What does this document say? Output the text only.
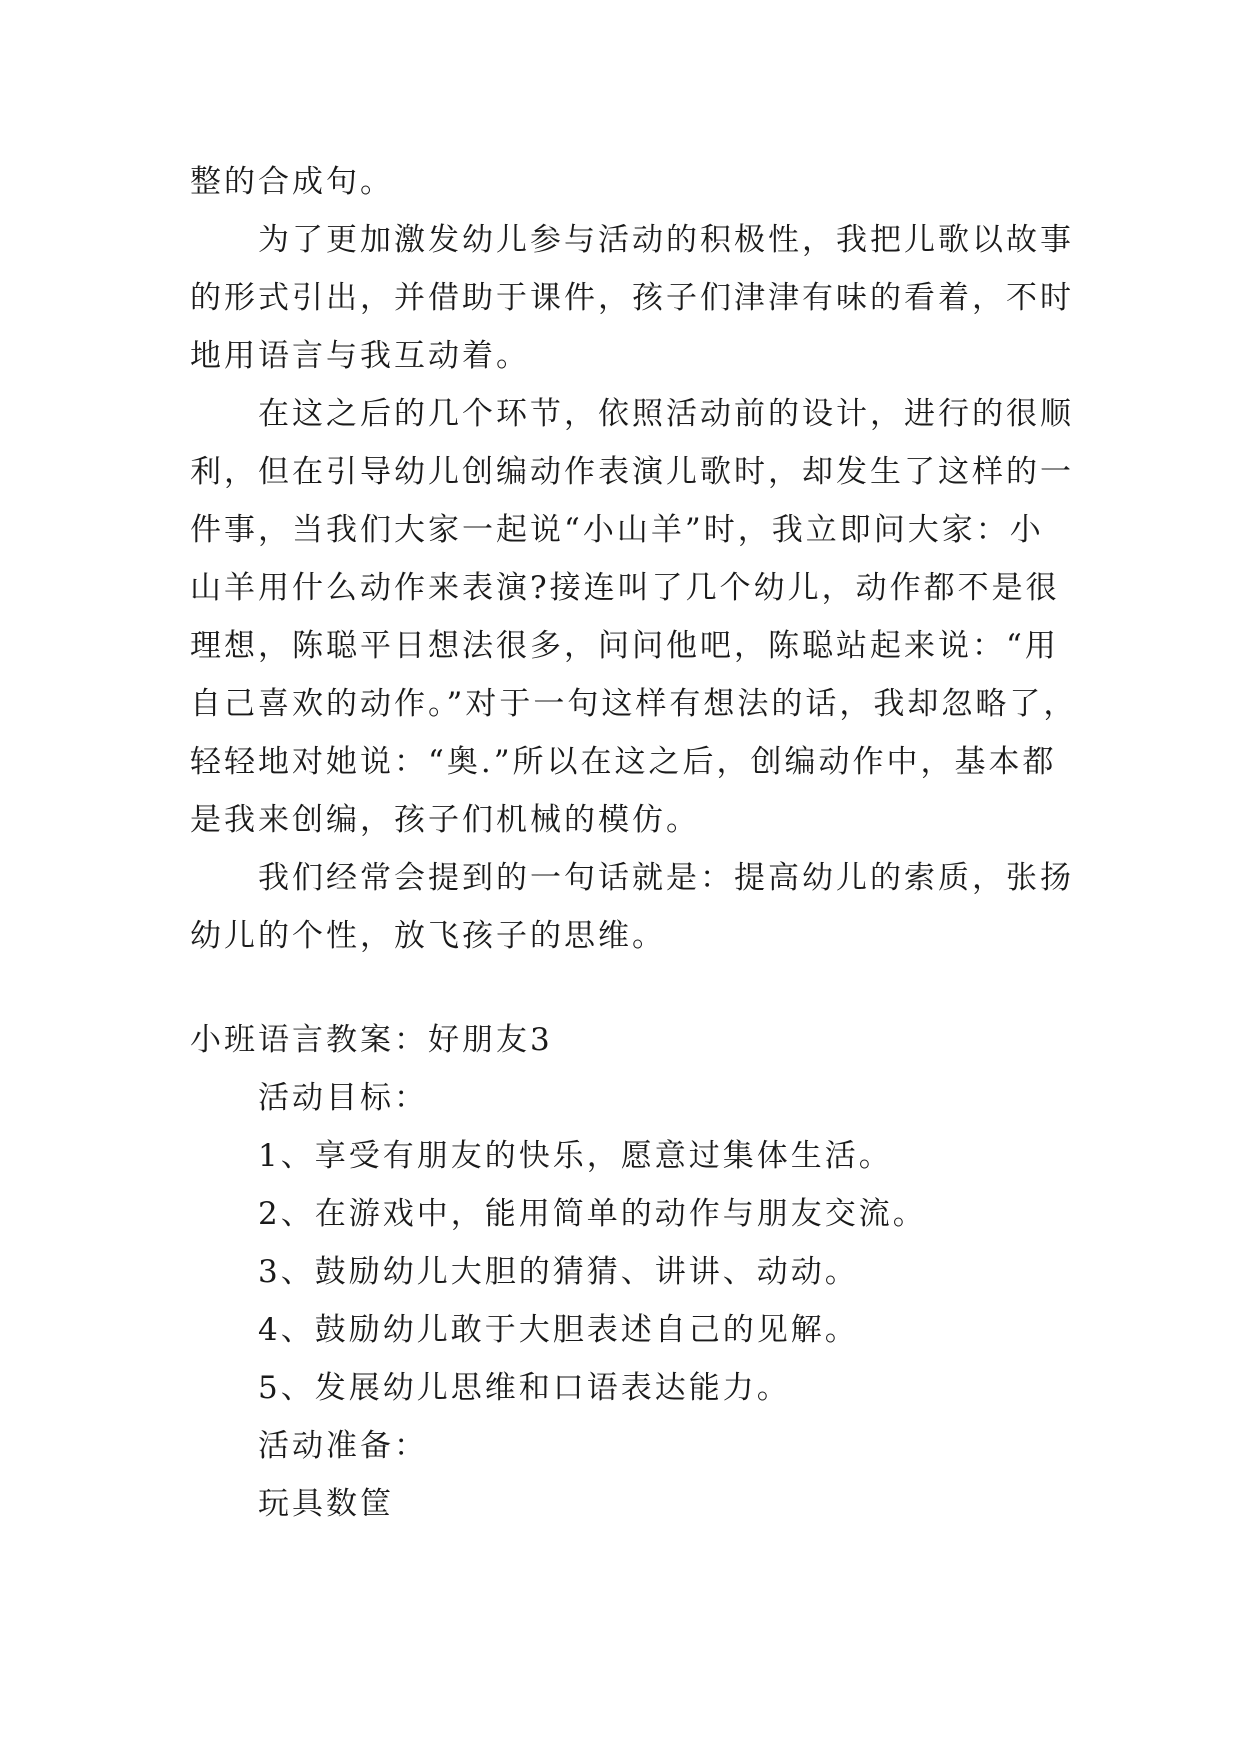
整的合成句。
为了更加激发幼儿参与活动的积极性，我把儿歌以故事
的形式引出，并借助于课件，孩子们津津有味的看着，不时
地用语言与我互动着。
在这之后的几个环节，依照活动前的设计，进行的很顺
利，但在引导幼儿创编动作表演儿歌时，却发生了这样的一
件事，当我们大家一起说“小山羊”时，我立即问大家：小
山羊用什么动作来表演?接连叫了几个幼儿，动作都不是很
理想，陈聪平日想法很多，问问他吧，陈聪站起来说：“用
自己喜欢的动作。”对于一句这样有想法的话，我却忽略了，
轻轻地对她说：“奥.”所以在这之后，创编动作中，基本都
是我来创编，孩子们机械的模仿。
我们经常会提到的一句话就是：提高幼儿的索质，张扬
幼儿的个性，放飞孩子的思维。
小班语言教案：好朋友3
活动目标：
1、享受有朋友的快乐，愿意过集体生活。
2、在游戏中，能用简单的动作与朋友交流。
3、鼓励幼儿大胆的猜猜、讲讲、动动。
4、鼓励幼儿敢于大胆表述自己的见解。
5、发展幼儿思维和口语表达能力。
活动准备：
玩具数筐
